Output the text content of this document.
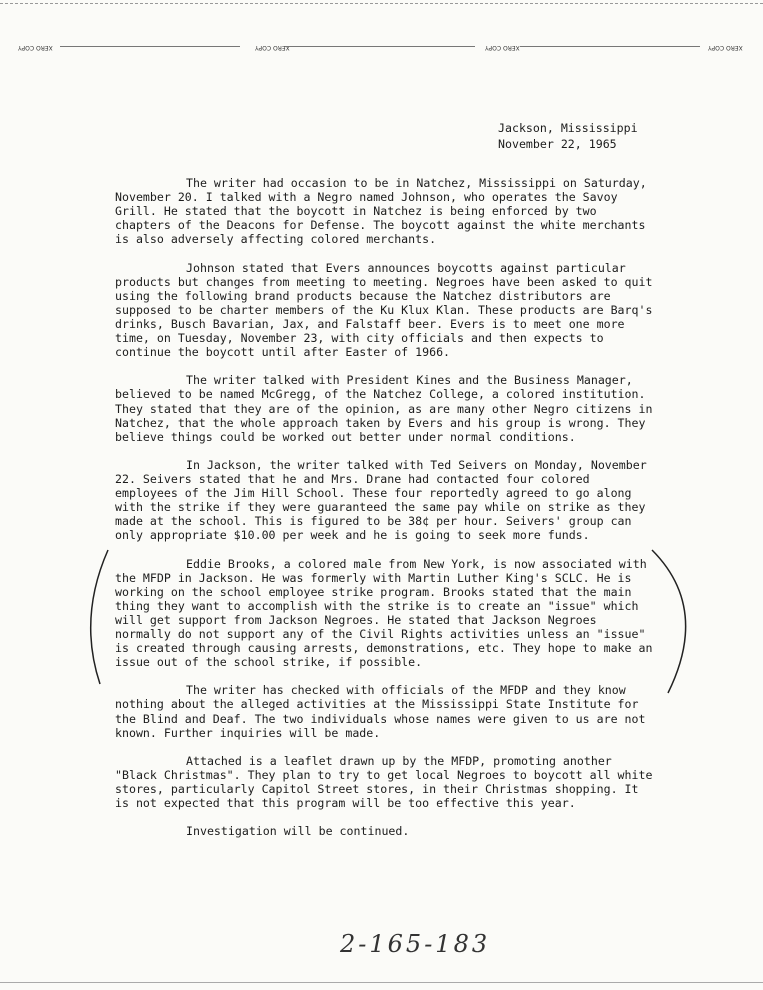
XERO COPY	XERO COPY	XERO COPY	XERO COPY
Jackson, Mississippi
November 22, 1965

The writer had occasion to be in Natchez, Mississippi on Saturday, November 20. I talked with a Negro named Johnson, who operates the Savoy Grill. He stated that the boycott in Natchez is being enforced by two chapters of the Deacons for Defense. The boycott against the white merchants is also adversely affecting colored merchants.

Johnson stated that Evers announces boycotts against particular products but changes from meeting to meeting. Negroes have been asked to quit using the following brand products because the Natchez distributors are supposed to be charter members of the Ku Klux Klan. These products are Barq's drinks, Busch Bavarian, Jax, and Falstaff beer. Evers is to meet one more time, on Tuesday, November 23, with city officials and then expects to continue the boycott until after Easter of 1966.

The writer talked with President Kines and the Business Manager, believed to be named McGregg, of the Natchez College, a colored institution. They stated that they are of the opinion, as are many other Negro citizens in Natchez, that the whole approach taken by Evers and his group is wrong. They believe things could be worked out better under normal conditions.

In Jackson, the writer talked with Ted Seivers on Monday, November 22. Seivers stated that he and Mrs. Drane had contacted four colored employees of the Jim Hill School. These four reportedly agreed to go along with the strike if they were guaranteed the same pay while on strike as they made at the school. This is figured to be 38¢ per hour. Seivers' group can only appropriate $10.00 per week and he is going to seek more funds.

Eddie Brooks, a colored male from New York, is now associated with the MFDP in Jackson. He was formerly with Martin Luther King's SCLC. He is working on the school employee strike program. Brooks stated that the main thing they want to accomplish with the strike is to create an "issue" which will get support from Jackson Negroes. He stated that Jackson Negroes normally do not support any of the Civil Rights activities unless an "issue" is created through causing arrests, demonstrations, etc. They hope to make an issue out of the school strike, if possible.

The writer has checked with officials of the MFDP and they know nothing about the alleged activities at the Mississippi State Institute for the Blind and Deaf. The two individuals whose names were given to us are not known. Further inquiries will be made.

Attached is a leaflet drawn up by the MFDP, promoting another "Black Christmas". They plan to try to get local Negroes to boycott all white stores, particularly Capitol Street stores, in their Christmas shopping. It is not expected that this program will be too effective this year.

Investigation will be continued.

2-165-183
